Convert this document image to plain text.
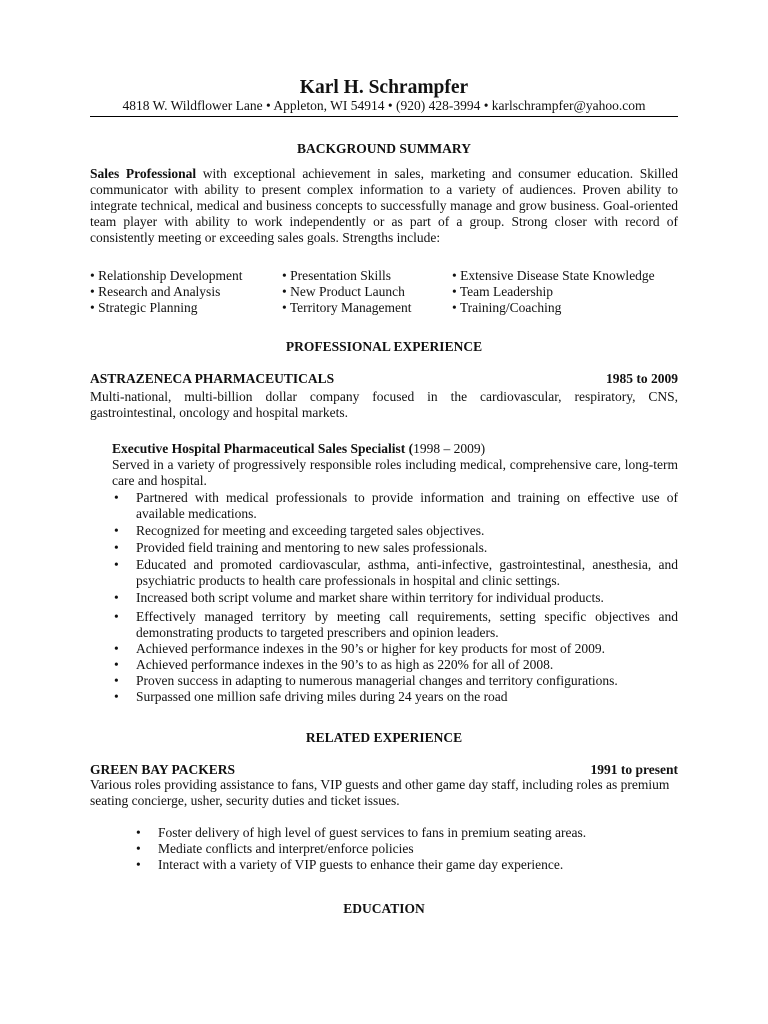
Karl H. Schrampfer
4818 W. Wildflower Lane • Appleton, WI 54914 • (920) 428-3994 • karlschrampfer@yahoo.com
BACKGROUND SUMMARY

Sales Professional with exceptional achievement in sales, marketing and consumer education. Skilled communicator with ability to present complex information to a variety of audiences. Proven ability to integrate technical, medical and business concepts to successfully manage and grow business. Goal-oriented team player with ability to work independently or as part of a group. Strong closer with record of consistently meeting or exceeding sales goals. Strengths include:

• Relationship Development
• Research and Analysis
• Strategic Planning
• Presentation Skills
• New Product Launch
• Territory Management
• Extensive Disease State Knowledge
• Team Leadership
• Training/Coaching
PROFESSIONAL EXPERIENCE
ASTRAZENECA PHARMACEUTICALS	1985 to 2009

Multi-national, multi-billion dollar company focused in the cardiovascular, respiratory, CNS, gastrointestinal, oncology and hospital markets.

Executive Hospital Pharmaceutical Sales Specialist (1998 – 2009)

Served in a variety of progressively responsible roles including medical, comprehensive care, long-term care and hospital.

• Partnered with medical professionals to provide information and training on effective use of available medications.
• Recognized for meeting and exceeding targeted sales objectives.
• Provided field training and mentoring to new sales professionals.
• Educated and promoted cardiovascular, asthma, anti-infective, gastrointestinal, anesthesia, and psychiatric products to health care professionals in hospital and clinic settings.
• Increased both script volume and market share within territory for individual products.
• Effectively managed territory by meeting call requirements, setting specific objectives and demonstrating products to targeted prescribers and opinion leaders.
• Achieved performance indexes in the 90’s or higher for key products for most of 2009.
• Achieved performance indexes in the 90’s to as high as 220% for all of 2008.
• Proven success in adapting to numerous managerial changes and territory configurations.
• Surpassed one million safe driving miles during 24 years on the road
RELATED EXPERIENCE
GREEN BAY PACKERS	1991 to present

Various roles providing assistance to fans, VIP guests and other game day staff, including roles as premium seating concierge, usher, security duties and ticket issues.

• Foster delivery of high level of guest services to fans in premium seating areas.
• Mediate conflicts and interpret/enforce policies
• Interact with a variety of VIP guests to enhance their game day experience.
EDUCATION
